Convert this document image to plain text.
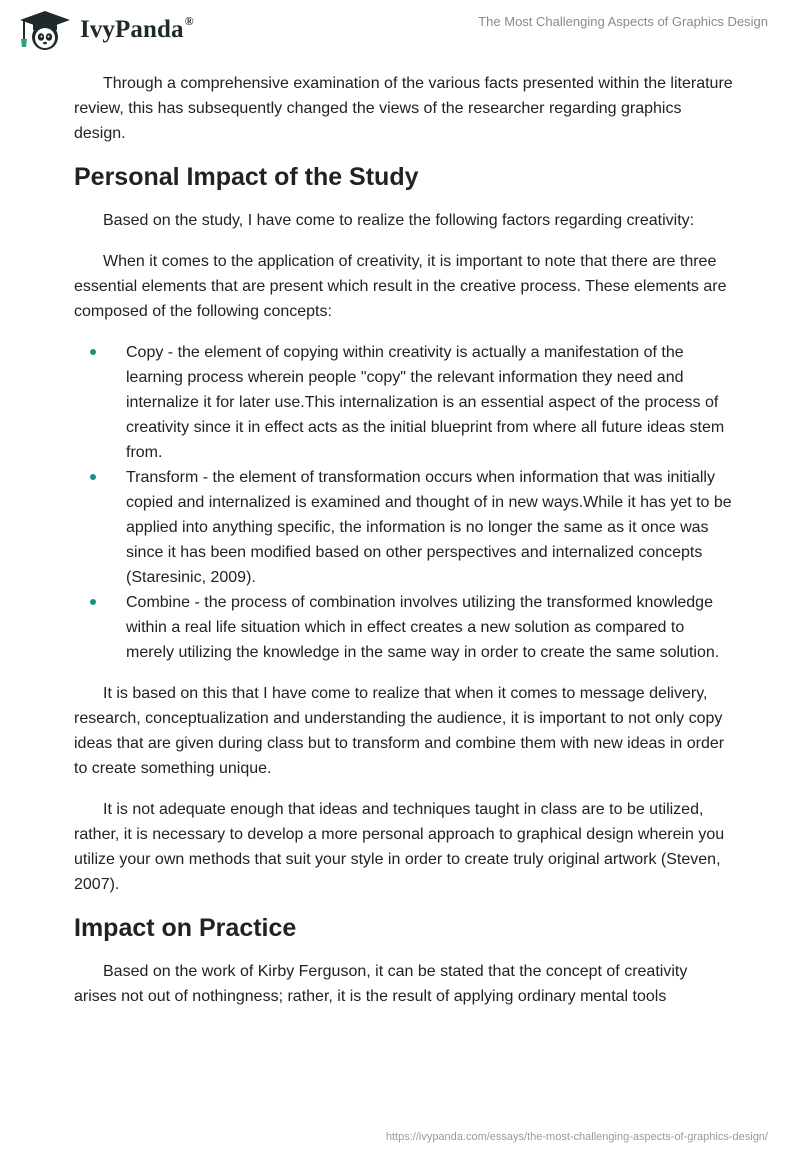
IvyPanda®	The Most Challenging Aspects of Graphics Design

Through a comprehensive examination of the various facts presented within the literature review, this has subsequently changed the views of the researcher regarding graphics design.

Personal Impact of the Study

Based on the study, I have come to realize the following factors regarding creativity:

When it comes to the application of creativity, it is important to note that there are three essential elements that are present which result in the creative process. These elements are composed of the following concepts:

Copy - the element of copying within creativity is actually a manifestation of the learning process wherein people "copy" the relevant information they need and internalize it for later use.This internalization is an essential aspect of the process of creativity since it in effect acts as the initial blueprint from where all future ideas stem from.
Transform - the element of transformation occurs when information that was initially copied and internalized is examined and thought of in new ways.While it has yet to be applied into anything specific, the information is no longer the same as it once was since it has been modified based on other perspectives and internalized concepts (Staresinic, 2009).
Combine - the process of combination involves utilizing the transformed knowledge within a real life situation which in effect creates a new solution as compared to merely utilizing the knowledge in the same way in order to create the same solution.

It is based on this that I have come to realize that when it comes to message delivery, research, conceptualization and understanding the audience, it is important to not only copy ideas that are given during class but to transform and combine them with new ideas in order to create something unique.

It is not adequate enough that ideas and techniques taught in class are to be utilized, rather, it is necessary to develop a more personal approach to graphical design wherein you utilize your own methods that suit your style in order to create truly original artwork (Steven, 2007).

Impact on Practice

Based on the work of Kirby Ferguson, it can be stated that the concept of creativity arises not out of nothingness; rather, it is the result of applying ordinary mental tools

https://ivypanda.com/essays/the-most-challenging-aspects-of-graphics-design/
